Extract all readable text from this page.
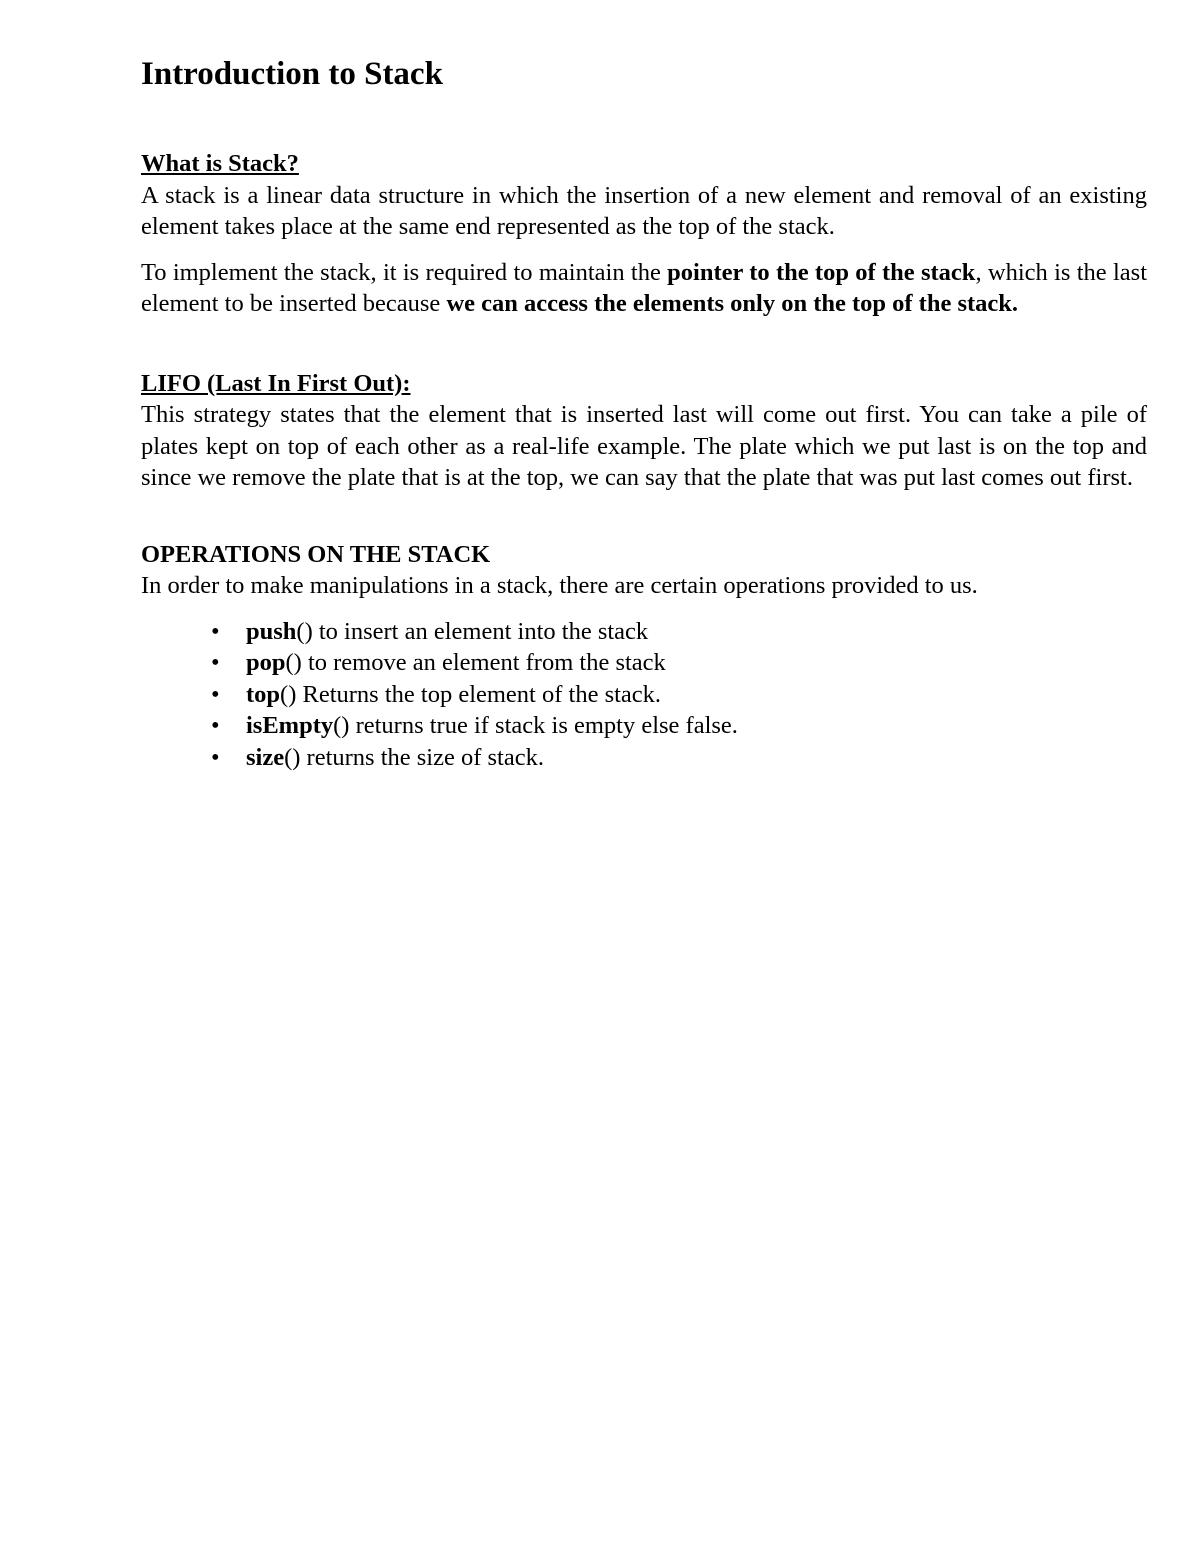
Introduction to Stack
What is Stack?

A stack is a linear data structure in which the insertion of a new element and removal of an existing element takes place at the same end represented as the top of the stack.

To implement the stack, it is required to maintain the pointer to the top of the stack, which is the last element to be inserted because we can access the elements only on the top of the stack.

LIFO (Last In First Out):

This strategy states that the element that is inserted last will come out first. You can take a pile of plates kept on top of each other as a real-life example. The plate which we put last is on the top and since we remove the plate that is at the top, we can say that the plate that was put last comes out first.

OPERATIONS ON THE STACK

In order to make manipulations in a stack, there are certain operations provided to us.

• push() to insert an element into the stack
• pop() to remove an element from the stack
• top() Returns the top element of the stack.
• isEmpty() returns true if stack is empty else false.
• size() returns the size of stack.
